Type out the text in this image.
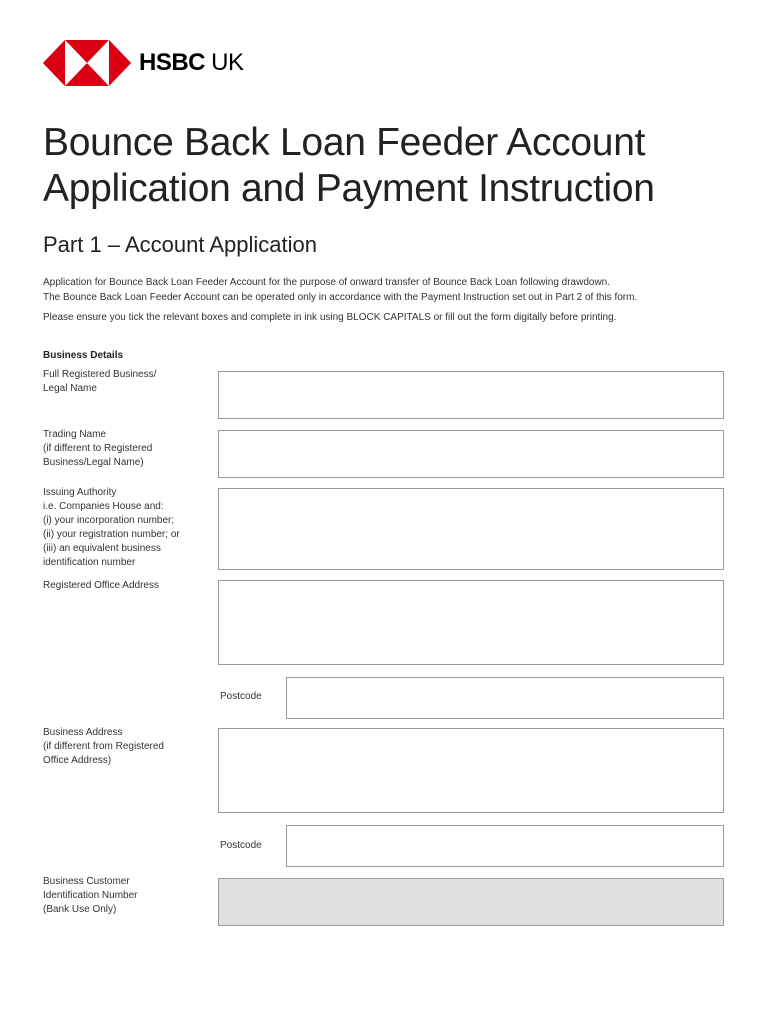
HSBC UK
Bounce Back Loan Feeder Account
Application and Payment Instruction
Part 1 – Account Application

Application for Bounce Back Loan Feeder Account for the purpose of onward transfer of Bounce Back Loan following drawdown.
The Bounce Back Loan Feeder Account can be operated only in accordance with the Payment Instruction set out in Part 2 of this form.

Please ensure you tick the relevant boxes and complete in ink using BLOCK CAPITALS or fill out the form digitally before printing.

Business Details
Full Registered Business/
Legal Name
Trading Name
(if different to Registered
Business/Legal Name)
Issuing Authority
i.e. Companies House and:
(i) your incorporation number;
(ii) your registration number; or
(iii) an equivalent business
identification number
Registered Office Address
Postcode
Business Address
(if different from Registered
Office Address)
Postcode
Business Customer
Identification Number
(Bank Use Only)
